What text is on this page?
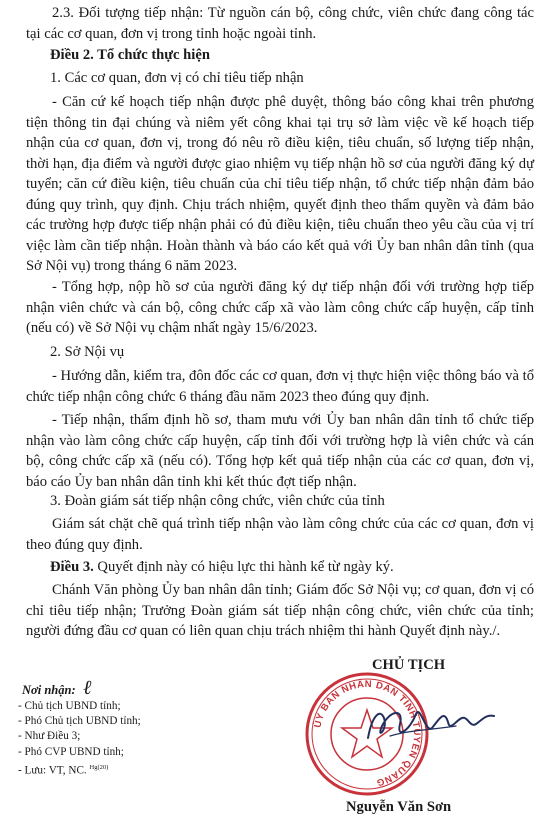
2.3. Đối tượng tiếp nhận: Từ nguồn cán bộ, công chức, viên chức đang công tác tại các cơ quan, đơn vị trong tỉnh hoặc ngoài tỉnh.

Điều 2. Tổ chức thực hiện

1. Các cơ quan, đơn vị có chỉ tiêu tiếp nhận

- Căn cứ kế hoạch tiếp nhận được phê duyệt, thông báo công khai trên phương tiện thông tin đại chúng và niêm yết công khai tại trụ sở làm việc về kế hoạch tiếp nhận của cơ quan, đơn vị, trong đó nêu rõ điều kiện, tiêu chuẩn, số lượng tiếp nhận, thời hạn, địa điểm và người được giao nhiệm vụ tiếp nhận hồ sơ của người đăng ký dự tuyển; căn cứ điều kiện, tiêu chuẩn của chỉ tiêu tiếp nhận, tổ chức tiếp nhận đảm bảo đúng quy trình, quy định. Chịu trách nhiệm, quyết định theo thẩm quyền và đảm bảo các trường hợp được tiếp nhận phải có đủ điều kiện, tiêu chuẩn theo yêu cầu của vị trí việc làm cần tiếp nhận. Hoàn thành và báo cáo kết quả với Ủy ban nhân dân tỉnh (qua Sở Nội vụ) trong tháng 6 năm 2023.

- Tổng hợp, nộp hồ sơ của người đăng ký dự tiếp nhận đối với trường hợp tiếp nhận viên chức và cán bộ, công chức cấp xã vào làm công chức cấp huyện, cấp tỉnh (nếu có) về Sở Nội vụ chậm nhất ngày 15/6/2023.

2. Sở Nội vụ

- Hướng dẫn, kiểm tra, đôn đốc các cơ quan, đơn vị thực hiện việc thông báo và tổ chức tiếp nhận công chức 6 tháng đầu năm 2023 theo đúng quy định.

- Tiếp nhận, thẩm định hồ sơ, tham mưu với Ủy ban nhân dân tỉnh tổ chức tiếp nhận vào làm công chức cấp huyện, cấp tỉnh đối với trường hợp là viên chức và cán bộ, công chức cấp xã (nếu có). Tổng hợp kết quả tiếp nhận của các cơ quan, đơn vị, báo cáo Ủy ban nhân dân tỉnh khi kết thúc đợt tiếp nhận.

3. Đoàn giám sát tiếp nhận công chức, viên chức của tỉnh

Giám sát chặt chẽ quá trình tiếp nhận vào làm công chức của các cơ quan, đơn vị theo đúng quy định.

Điều 3. Quyết định này có hiệu lực thi hành kể từ ngày ký.

Chánh Văn phòng Ủy ban nhân dân tỉnh; Giám đốc Sở Nội vụ; cơ quan, đơn vị có chỉ tiêu tiếp nhận; Trưởng Đoàn giám sát tiếp nhận công chức, viên chức của tỉnh; người đứng đầu cơ quan có liên quan chịu trách nhiệm thi hành Quyết định này./.

Nơi nhận: ℓ
- Chủ tịch UBND tỉnh;
- Phó Chủ tịch UBND tỉnh;
- Như Điều 3;
- Phó CVP UBND tỉnh;
- Lưu: VT, NC. $^{Hg(20)}$
CHỦ TỊCH
ỦY BAN NHÂN DÂN TỈNH TUYÊN QUANG
Nguyễn Văn Sơn
